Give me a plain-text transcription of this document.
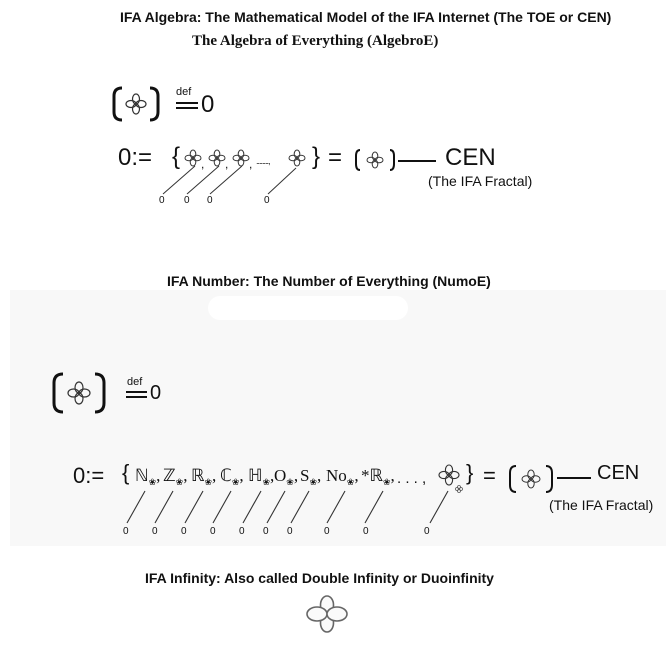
IFA Algebra: The Mathematical Model of the IFA Internet (The TOE or CEN)
The Algebra of Everything (AlgebroE)
def 0
0:= { , , , ........, } =	CEN
(The IFA Fractal)
0 0 0	0
IFA Number: The Number of Everything (NumoE)
def 0
0:= { ℕ$_❀$, ℤ$_❀$, ℝ$_❀$, ℂ$_❀$, ℍ$_❀$, $O_❀$, $S_❀$, $No_❀$, *ℝ$_❀$, . . . , } =	CEN
(The IFA Fractal)
0 0 0 0 0 0 0	0	0	0
IFA Infinity: Also called Double Infinity or Duoinfinity
